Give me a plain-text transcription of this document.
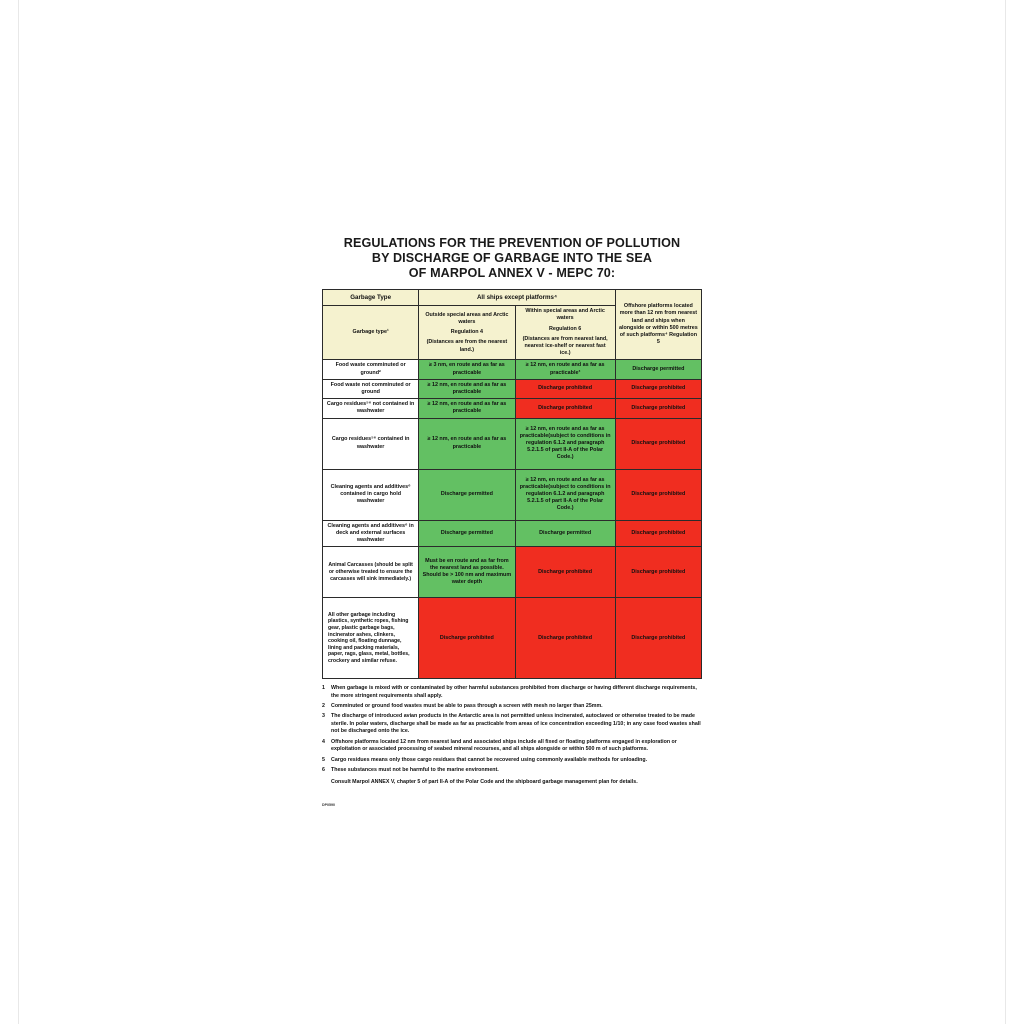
REGULATIONS FOR THE PREVENTION OF POLLUTION
BY DISCHARGE OF GARBAGE INTO THE SEA
OF MARPOL ANNEX V - MEPC 70:
Garbage Type	All ships except platforms⁴		Offshore platforms located more than 12 nm from nearest land and ships when alongside or within 500 metres of such platforms⁴ Regulation 5
Garbage type¹	Outside special areas and Arctic waters
Regulation 4
(Distances are from the nearest land.)	Within special areas and Arctic waters
Regulation 6
(Distances are from nearest land, nearest ice-shelf or nearest fast ice.)	

Food waste comminuted or ground²	≥ 3 nm, en route and as far as practicable	≥ 12 nm, en route and as far as practicable³	Discharge permitted
Food waste not comminuted or ground	≥ 12 nm, en route and as far as practicable	Discharge prohibited	Discharge prohibited
Cargo residues⁵⁶ not contained in washwater	≥ 12 nm, en route and as far as practicable	Discharge prohibited	Discharge prohibited
Cargo residues⁵⁶ contained in washwater	≥ 12 nm, en route and as far as practicable	≥ 12 nm, en route and as far as practicable(subject to conditions in regulation 6.1.2 and paragraph 5.2.1.5 of part II-A of the Polar Code.)	Discharge prohibited
Cleaning agents and additives⁶ contained in cargo hold washwater	Discharge permitted	≥ 12 nm, en route and as far as practicable(subject to conditions in regulation 6.1.2 and paragraph 5.2.1.5 of part II-A of the Polar Code.)	Discharge prohibited
Cleaning agents and additives⁶ in deck and external surfaces washwater	Discharge permitted	Discharge permitted	Discharge prohibited
Animal Carcasses (should be split or otherwise treated to ensure the carcasses will sink immediately.)	Must be en route and as far from the nearest land as possible. Should be > 100 nm and maximum water depth	Discharge prohibited	Discharge prohibited
All other garbage including plastics, synthetic ropes, fishing gear, plastic garbage bags, incinerator ashes, clinkers, cooking oil, floating dunnage, lining and packing materials, paper, rags, glass, metal, bottles, crockery and similar refuse.	Discharge prohibited	Discharge prohibited	Discharge prohibited
1	When garbage is mixed with or contaminated by other harmful substances prohibited from discharge or having different discharge requirements, the more stringent requirements shall apply.
2	Comminuted or ground food wastes must be able to pass through a screen with mesh no larger than 25mm.
3	The discharge of introduced avian products in the Antarctic area is not permitted unless incinerated, autoclaved or otherwise treated to be made sterile. In polar waters, discharge shall be made as far as practicable from areas of ice concentration exceeding 1/10; in any case food wastes shall not be discharged onto the ice.
4	Offshore platforms located 12 nm from nearest land and associated ships include all fixed or floating platforms engaged in exploration or exploitation or associated processing of seabed mineral recourses, and all ships alongside or within 500 m of such platforms.
5	Cargo residues means only those cargo residues that cannot be recovered using commonly available methods for unloading.
6	These substances must not be harmful to the marine environment.
Consult Marpol ANNEX V, chapter 5 of part II-A of the Polar Code and the shipboard garbage management plan for details.
DP0590
